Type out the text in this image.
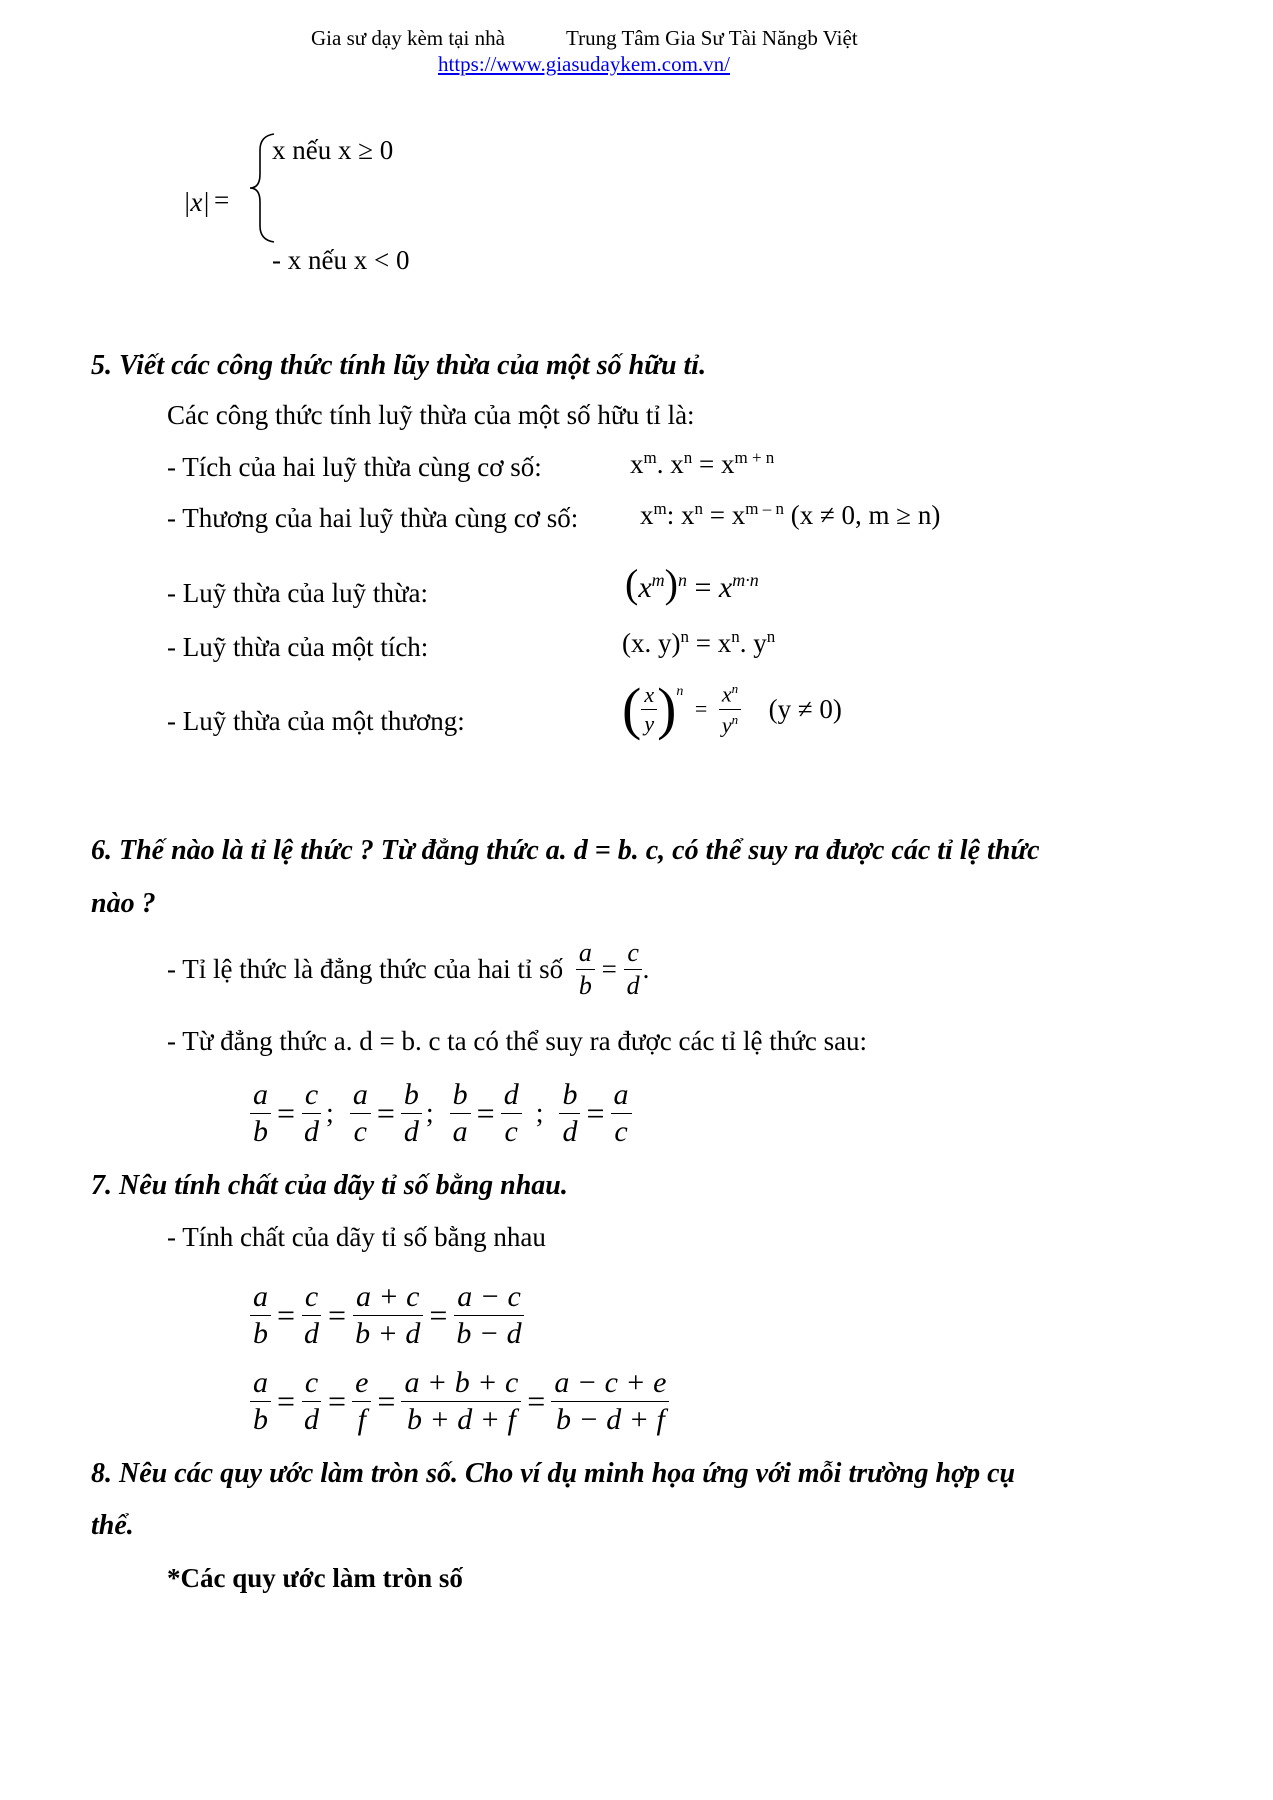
Gia sư dạy kèm tại nhà	Trung Tâm Gia Sư Tài Năngb Việt
https://www.giasudaykem.com.vn/
|x| =
x nếu x ≥ 0
- x nếu x < 0
5. Viết các công thức tính lũy thừa của một số hữu tỉ.
Các công thức tính luỹ thừa của một số hữu tỉ là:
- Tích của hai luỹ thừa cùng cơ số:	$x^m$. $x^n = x^{m + n}$
- Thương của hai luỹ thừa cùng cơ số: $x^m$: $x^n = x^{m - n}$ (x ≠ 0, m ≥ n)
- Luỹ thừa của luỹ thừa:	$(x^m)^n = x^{m\cdot n}$
- Luỹ thừa của một tích:	(x. $y)^n = x^n$. $y^n$
- Luỹ thừa của một thương:	( $\frac{x}{y} )^n = \frac{x^n}{y^n} (y \ne 0)$
6. Thế nào là tỉ lệ thức ? Từ đẳng thức a. d = b. c, có thể suy ra được các tỉ lệ thức
nào ?
- Tỉ lệ thức là đẳng thức của hai tỉ số $\frac{a}{b} = \frac{c}{d}$ .
- Từ đẳng thức a. d = b. c ta có thể suy ra được các tỉ lệ thức sau:
$\frac{a}{b} = \frac{c}{d}$ ; $\frac{a}{c} = \frac{b}{d}$ ; $\frac{b}{a} = \frac{d}{c}$ ; $\frac{b}{d} = \frac{a}{c}$
7. Nêu tính chất của dãy tỉ số bằng nhau.
- Tính chất của dãy tỉ số bằng nhau
$\frac{a}{b} = \frac{c}{d} = \frac{a + c}{b + d} = \frac{a - c}{b - d}$
$\frac{a}{b} = \frac{c}{d} = \frac{e}{f} = \frac{a + b + c}{b + d + f} = \frac{a - c + e}{b - d + f}$
8. Nêu các quy ước làm tròn số. Cho ví dụ minh họa ứng với mỗi trường hợp cụ
thể.
*Các quy ước làm tròn số
